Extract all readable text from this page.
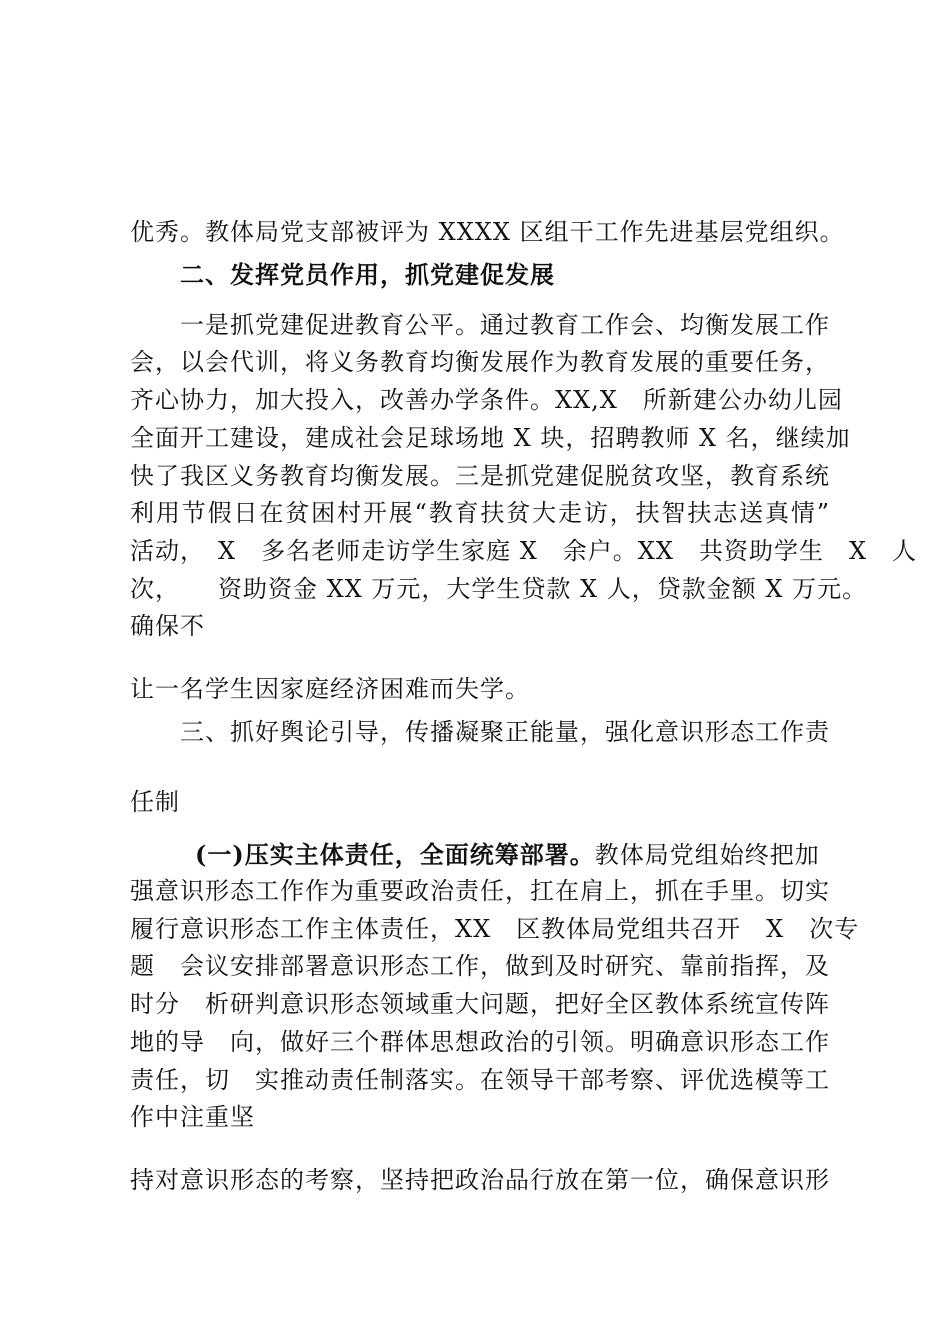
优秀。教体局党支部被评为 XXXX 区组干工作先进基层党组织。
二、发挥党员作用，抓党建促发展
一是抓党建促进教育公平。通过教育工作会、均衡发展工作
会，以会代训，将义务教育均衡发展作为教育发展的重要任务，
齐心协力，加大投入，改善办学条件。XX,X　所新建公办幼儿园
全面开工建设，建成社会足球场地 X 块，招聘教师 X 名，继续加
快了我区义务教育均衡发展。三是抓党建促脱贫攻坚，教育系统
利用节假日在贫困村开展“教育扶贫大走访，扶智扶志送真情”
活动，　X　多名老师走访学生家庭 X　余户。XX　共资助学生　X　人
次，　　资助资金 XX 万元，大学生贷款 X 人，贷款金额 X 万元。
确保不
让一名学生因家庭经济困难而失学。
三、抓好舆论引导，传播凝聚正能量，强化意识形态工作责
任制
(一)压实主体责任，全面统筹部署。教体局党组始终把加
强意识形态工作作为重要政治责任，扛在肩上，抓在手里。切实
履行意识形态工作主体责任，XX　区教体局党组共召开　X　次专
题　会议安排部署意识形态工作，做到及时研究、靠前指挥，及
时分　析研判意识形态领域重大问题，把好全区教体系统宣传阵
地的导　向，做好三个群体思想政治的引领。明确意识形态工作
责任，切　实推动责任制落实。在领导干部考察、评优选模等工
作中注重坚
持对意识形态的考察，坚持把政治品行放在第一位，确保意识形
